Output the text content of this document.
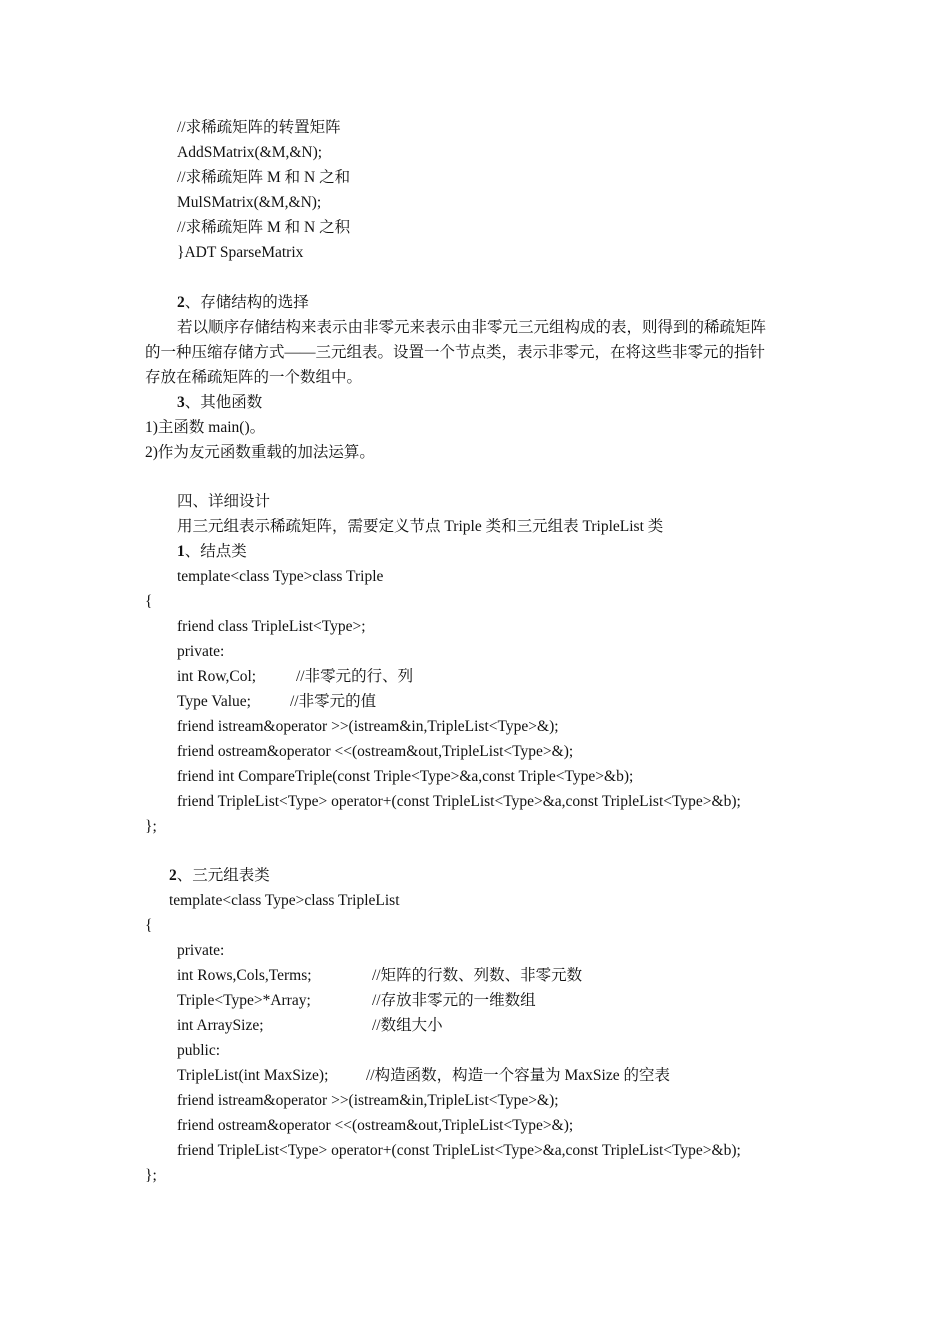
//求稀疏矩阵的转置矩阵
AddSMatrix(&M,&N);
//求稀疏矩阵 M 和 N 之和
MulSMatrix(&M,&N);
//求稀疏矩阵 M 和 N 之积
}ADT SparseMatrix
2、存储结构的选择
若以顺序存储结构来表示由非零元来表示由非零元三元组构成的表，则得到的稀疏矩阵
的一种压缩存储方式——三元组表。设置一个节点类，表示非零元，在将这些非零元的指针
存放在稀疏矩阵的一个数组中。
3、其他函数
1)主函数 main()。
2)作为友元函数重载的加法运算。
四、详细设计
用三元组表示稀疏矩阵，需要定义节点 Triple 类和三元组表 TripleList 类
1、结点类
template<class Type>class Triple
{
friend class TripleList<Type>;
private:
int Row,Col;	//非零元的行、列
Type Value;	//非零元的值
friend istream&operator >>(istream&in,TripleList<Type>&);
friend ostream&operator <<(ostream&out,TripleList<Type>&);
friend int CompareTriple(const Triple<Type>&a,const Triple<Type>&b);
friend TripleList<Type> operator+(const TripleList<Type>&a,const TripleList<Type>&b);
};
2、三元组表类
template<class Type>class TripleList
{
private:
int Rows,Cols,Terms;	//矩阵的行数、列数、非零元数
Triple<Type>*Array;	//存放非零元的一维数组
int ArraySize;	//数组大小
public:
TripleList(int MaxSize); //构造函数，构造一个容量为 MaxSize 的空表
friend istream&operator >>(istream&in,TripleList<Type>&);
friend ostream&operator <<(ostream&out,TripleList<Type>&);
friend TripleList<Type> operator+(const TripleList<Type>&a,const TripleList<Type>&b);
};
